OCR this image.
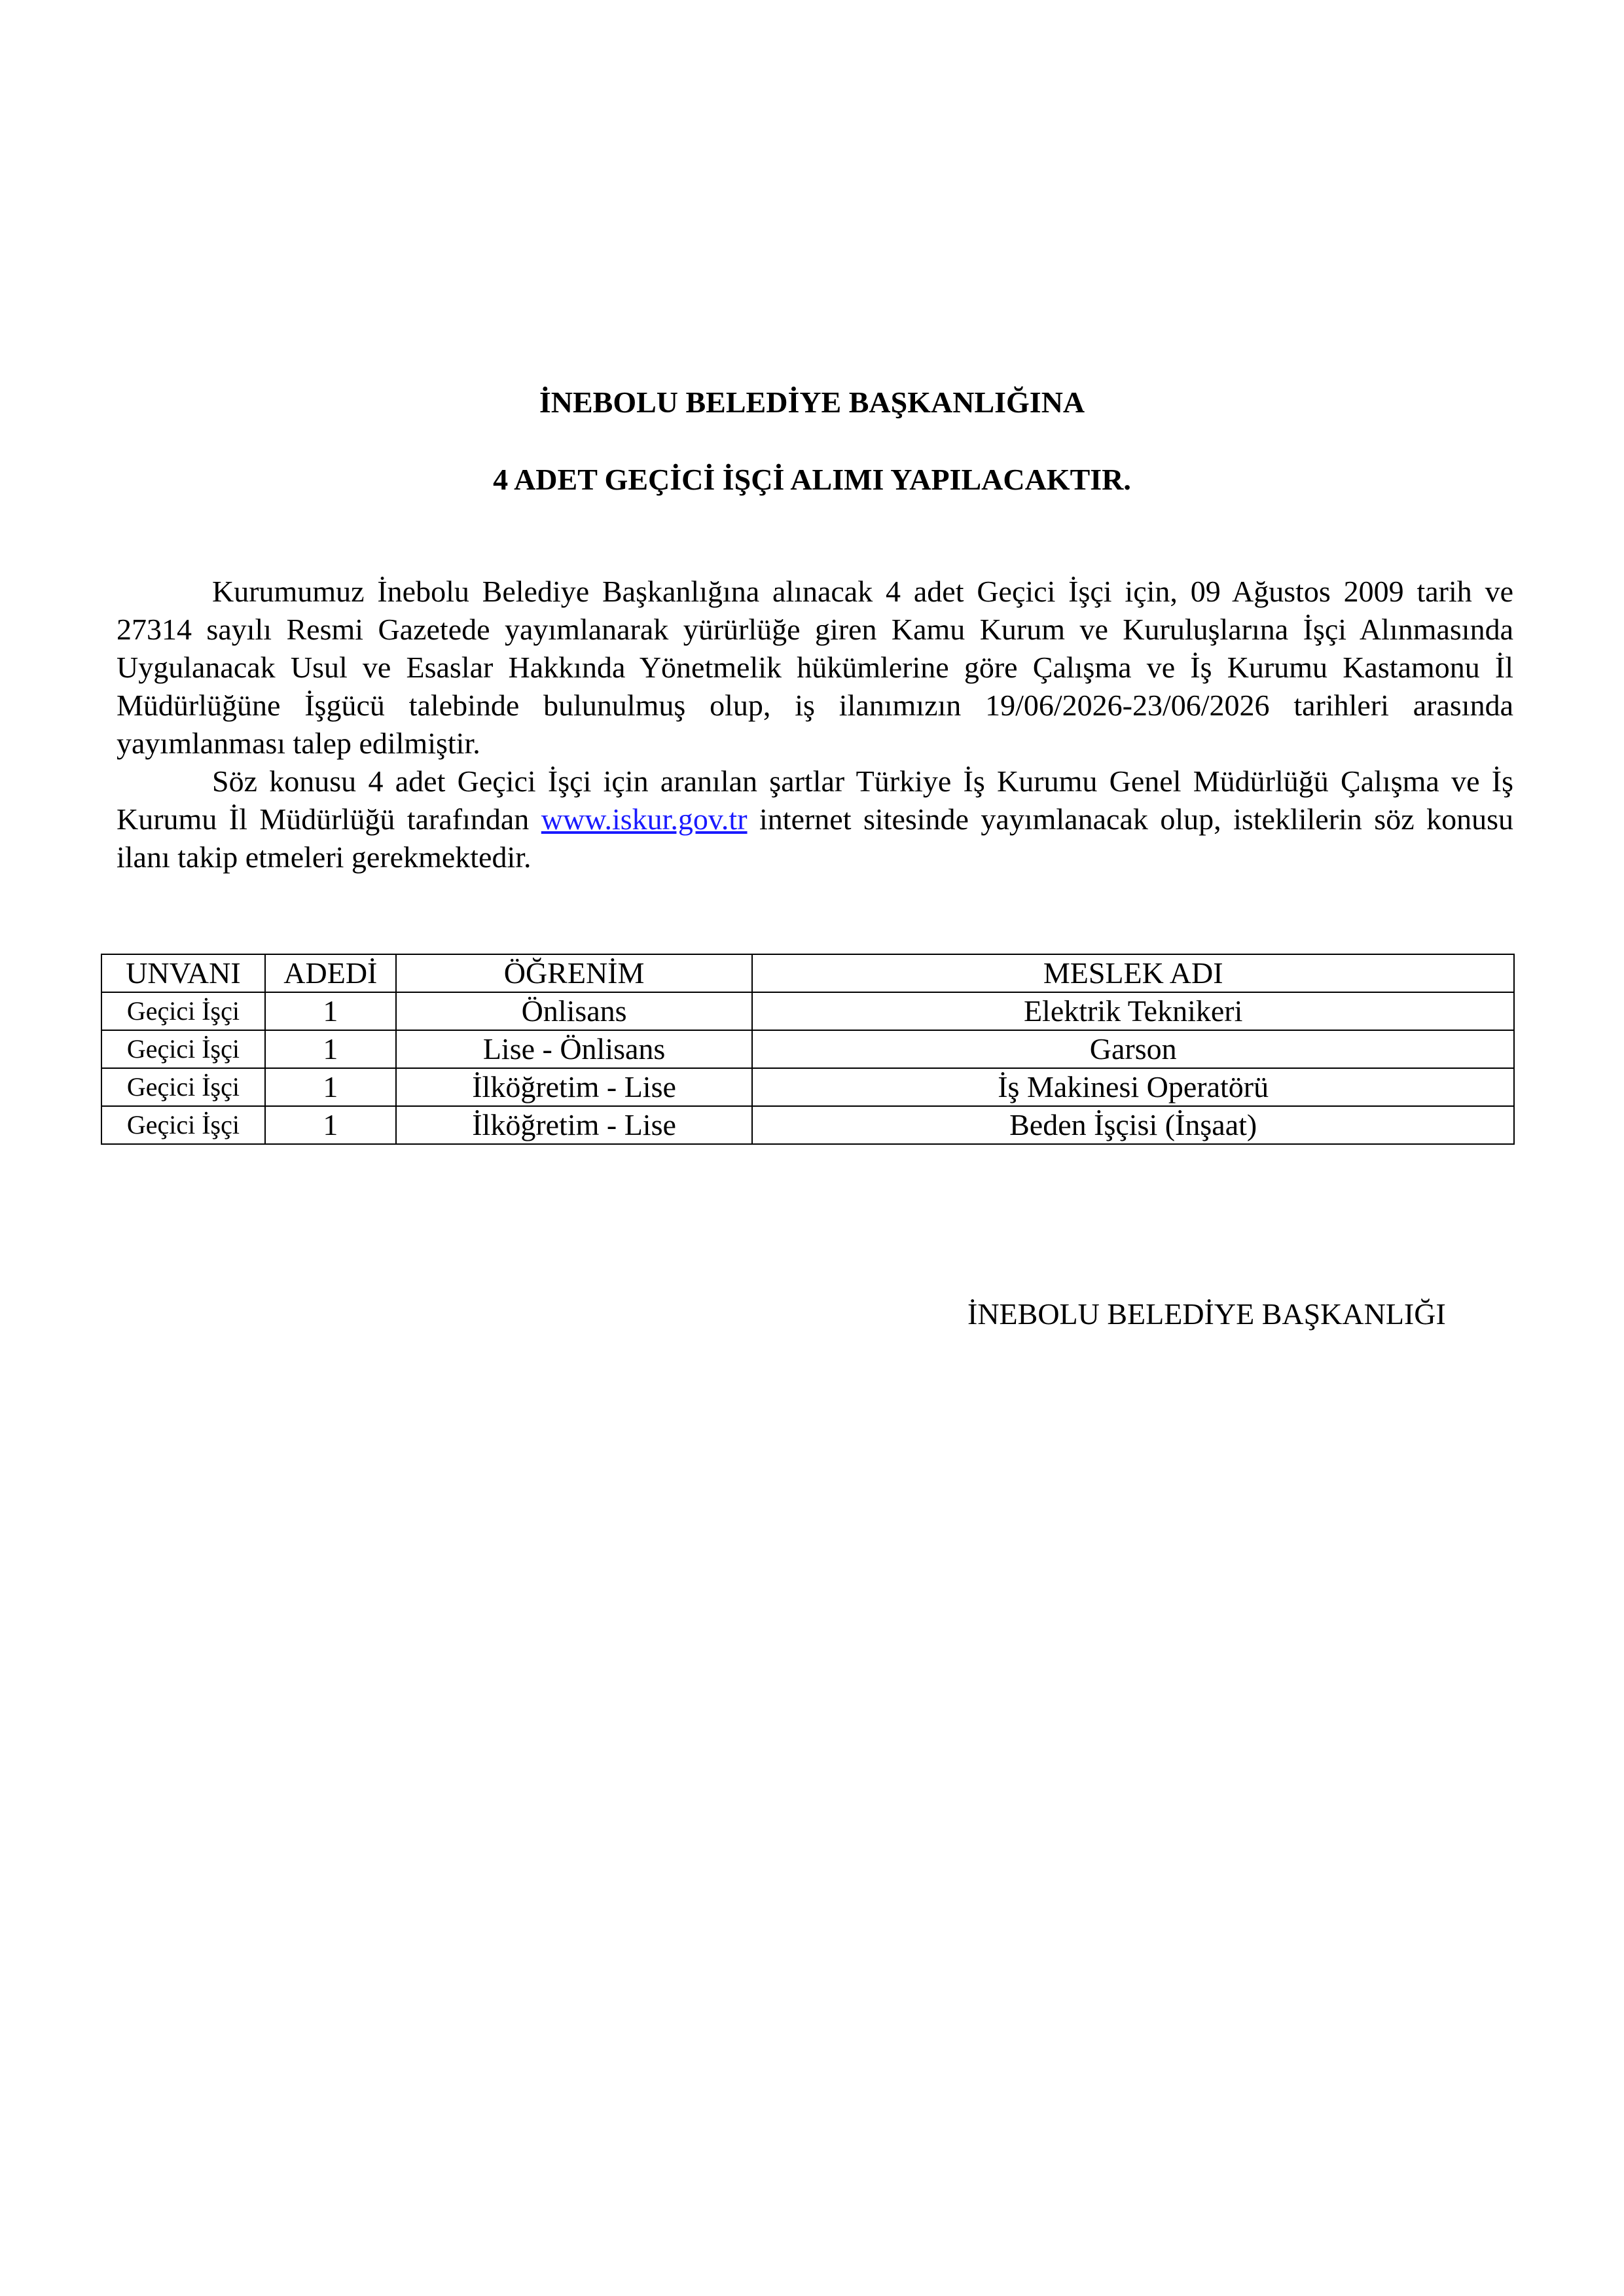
İNEBOLU BELEDİYE BAŞKANLIĞINA
4 ADET GEÇİCİ İŞÇİ ALIMI YAPILACAKTIR.

Kurumumuz İnebolu Belediye Başkanlığına alınacak 4 adet Geçici İşçi için, 09 Ağustos 2009 tarih ve 27314 sayılı Resmi Gazetede yayımlanarak yürürlüğe giren Kamu Kurum ve Kuruluşlarına İşçi Alınmasında Uygulanacak Usul ve Esaslar Hakkında Yönetmelik hükümlerine göre Çalışma ve İş Kurumu Kastamonu İl Müdürlüğüne İşgücü talebinde bulunulmuş olup, iş ilanımızın 19/06/2026-23/06/2026 tarihleri arasında yayımlanması talep edilmiştir.

Söz konusu 4 adet Geçici İşçi için aranılan şartlar Türkiye İş Kurumu Genel Müdürlüğü Çalışma ve İş Kurumu İl Müdürlüğü tarafından www.iskur.gov.tr internet sitesinde yayımlanacak olup, isteklilerin söz konusu ilanı takip etmeleri gerekmektedir.

UNVANI	ADEDİ	ÖĞRENİM	MESLEK ADI
Geçici İşçi	1	Önlisans	Elektrik Teknikeri
Geçici İşçi	1	Lise - Önlisans	Garson
Geçici İşçi	1	İlköğretim - Lise	İş Makinesi Operatörü
Geçici İşçi	1	İlköğretim - Lise	Beden İşçisi (İnşaat)
İNEBOLU BELEDİYE BAŞKANLIĞI
